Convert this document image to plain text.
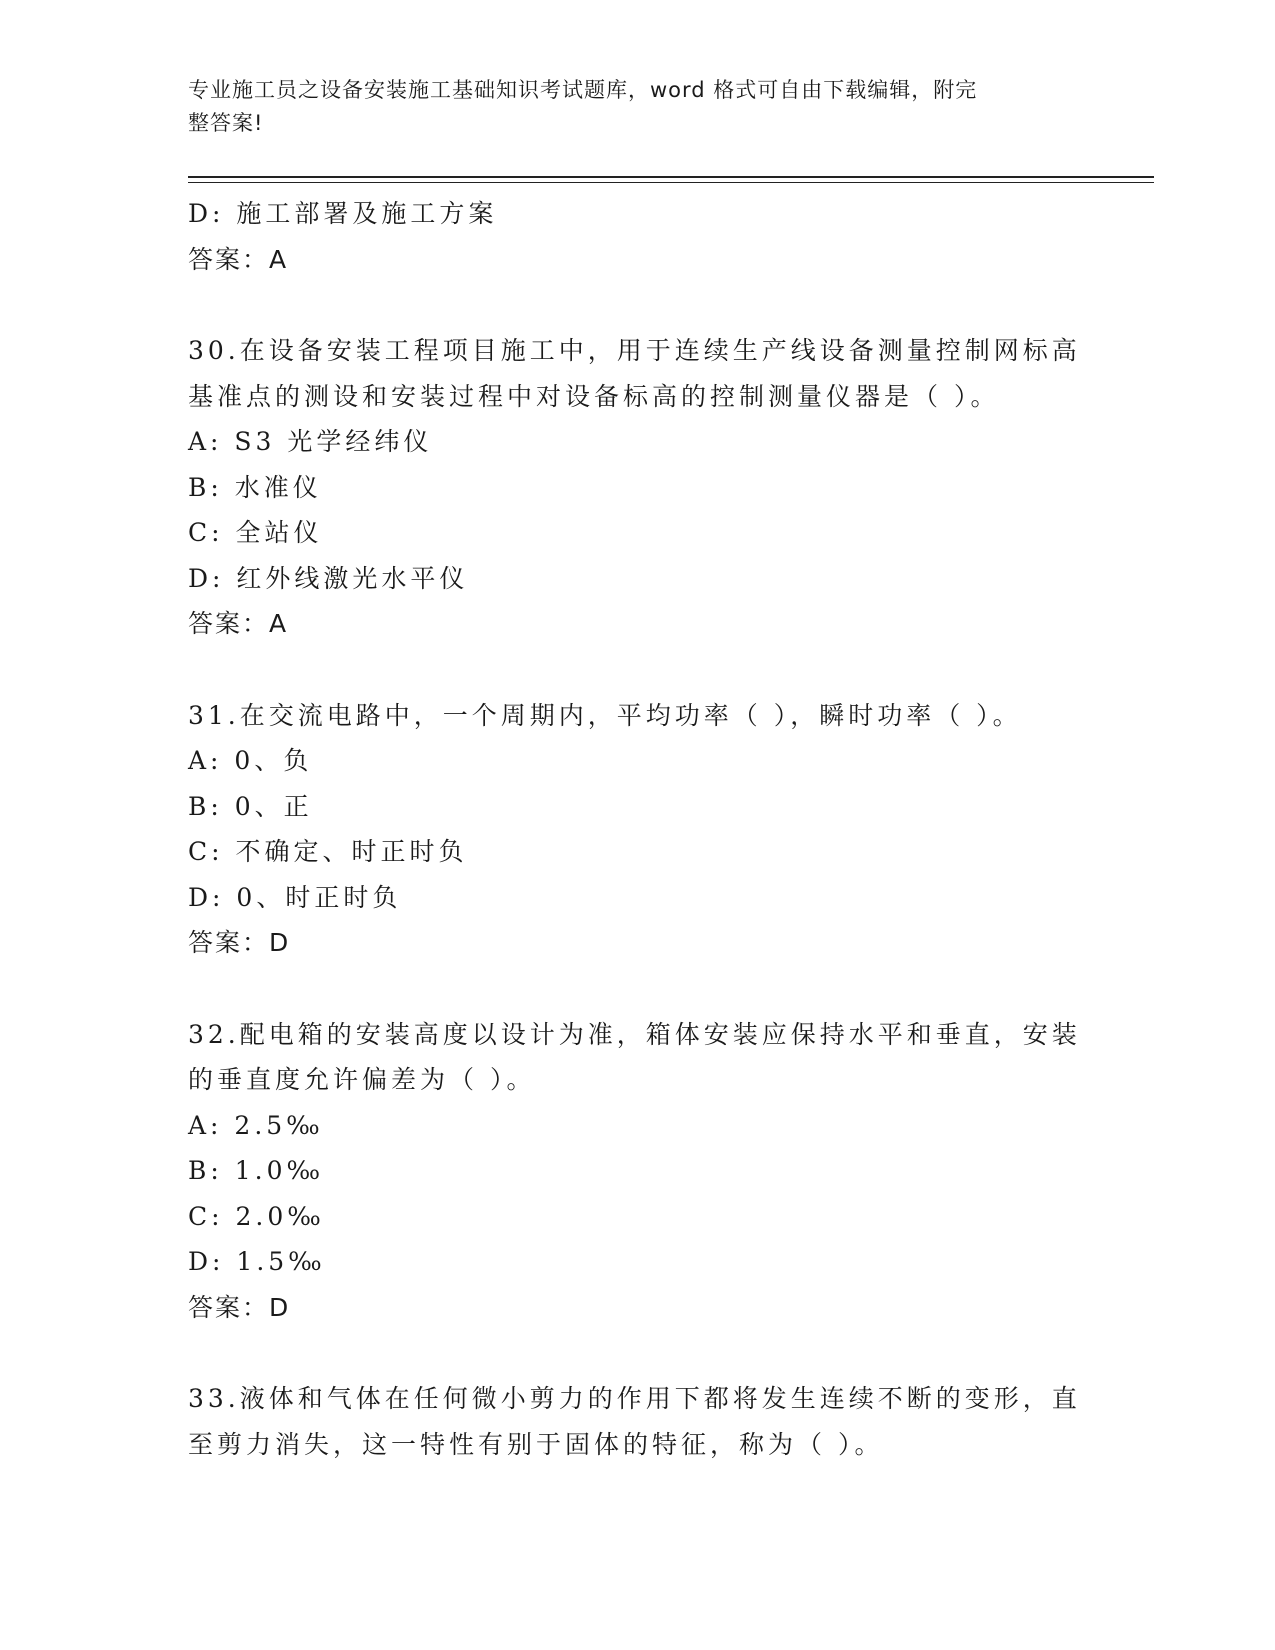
专业施工员之设备安装施工基础知识考试题库，word 格式可自由下载编辑，附完
整答案!
D: 施工部署及施工方案
答案：A
30.在设备安装工程项目施工中，用于连续生产线设备测量控制网标高
基准点的测设和安装过程中对设备标高的控制测量仪器是（ ）。
A: S3 光学经纬仪
B: 水准仪
C: 全站仪
D: 红外线激光水平仪
答案：A
31.在交流电路中，一个周期内，平均功率（ ），瞬时功率（ ）。
A: 0、负
B: 0、正
C: 不确定、时正时负
D: 0、时正时负
答案：D
32.配电箱的安装高度以设计为准，箱体安装应保持水平和垂直，安装
的垂直度允许偏差为（ ）。
A: 2.5‰
B: 1.0‰
C: 2.0‰
D: 1.5‰
答案：D
33.液体和气体在任何微小剪力的作用下都将发生连续不断的变形，直
至剪力消失，这一特性有别于固体的特征，称为（ ）。
